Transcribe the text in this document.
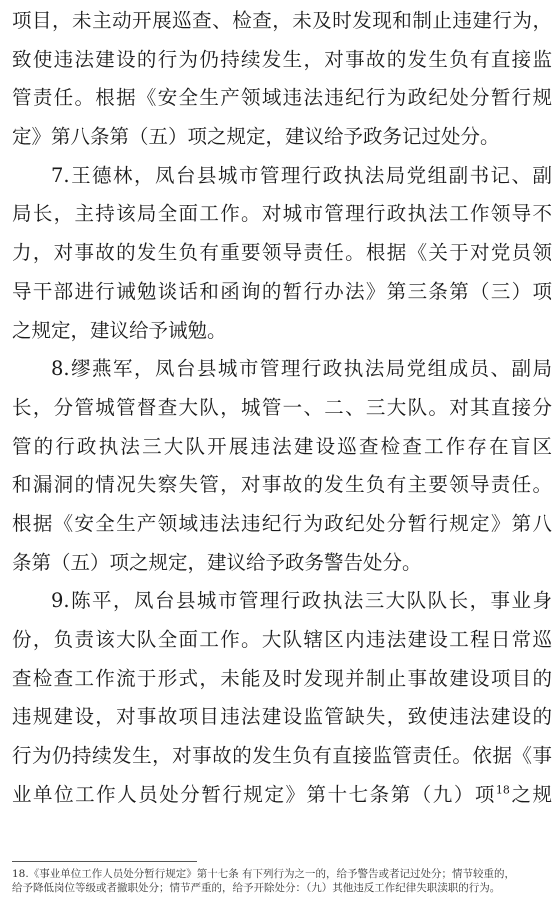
项目，未主动开展巡查、检查，未及时发现和制止违建行为，
致使违法建设的行为仍持续发生，对事故的发生负有直接监
管责任。根据《安全生产领域违法违纪行为政纪处分暂行规
定》第八条第（五）项之规定，建议给予政务记过处分。
7.王德林，凤台县城市管理行政执法局党组副书记、副
局长，主持该局全面工作。对城市管理行政执法工作领导不
力，对事故的发生负有重要领导责任。根据《关于对党员领
导干部进行诫勉谈话和函询的暂行办法》第三条第（三）项
之规定，建议给予诫勉。
8.缪燕军，凤台县城市管理行政执法局党组成员、副局
长，分管城管督查大队，城管一、二、三大队。对其直接分
管的行政执法三大队开展违法建设巡查检查工作存在盲区
和漏洞的情况失察失管，对事故的发生负有主要领导责任。
根据《安全生产领域违法违纪行为政纪处分暂行规定》第八
条第（五）项之规定，建议给予政务警告处分。
9.陈平，凤台县城市管理行政执法三大队队长，事业身
份，负责该大队全面工作。大队辖区内违法建设工程日常巡
查检查工作流于形式，未能及时发现并制止事故建设项目的
违规建设，对事故项目违法建设监管缺失，致使违法建设的
行为仍持续发生，对事故的发生负有直接监管责任。依据《事
业单位工作人员处分暂行规定》第十七条第（九）项$^{18}$之规
18.《事业单位工作人员处分暂行规定》第十七条 有下列行为之一的，给予警告或者记过处分；情节较重的，
给予降低岗位等级或者撤职处分；情节严重的，给予开除处分：（九）其他违反工作纪律失职渎职的行为。
